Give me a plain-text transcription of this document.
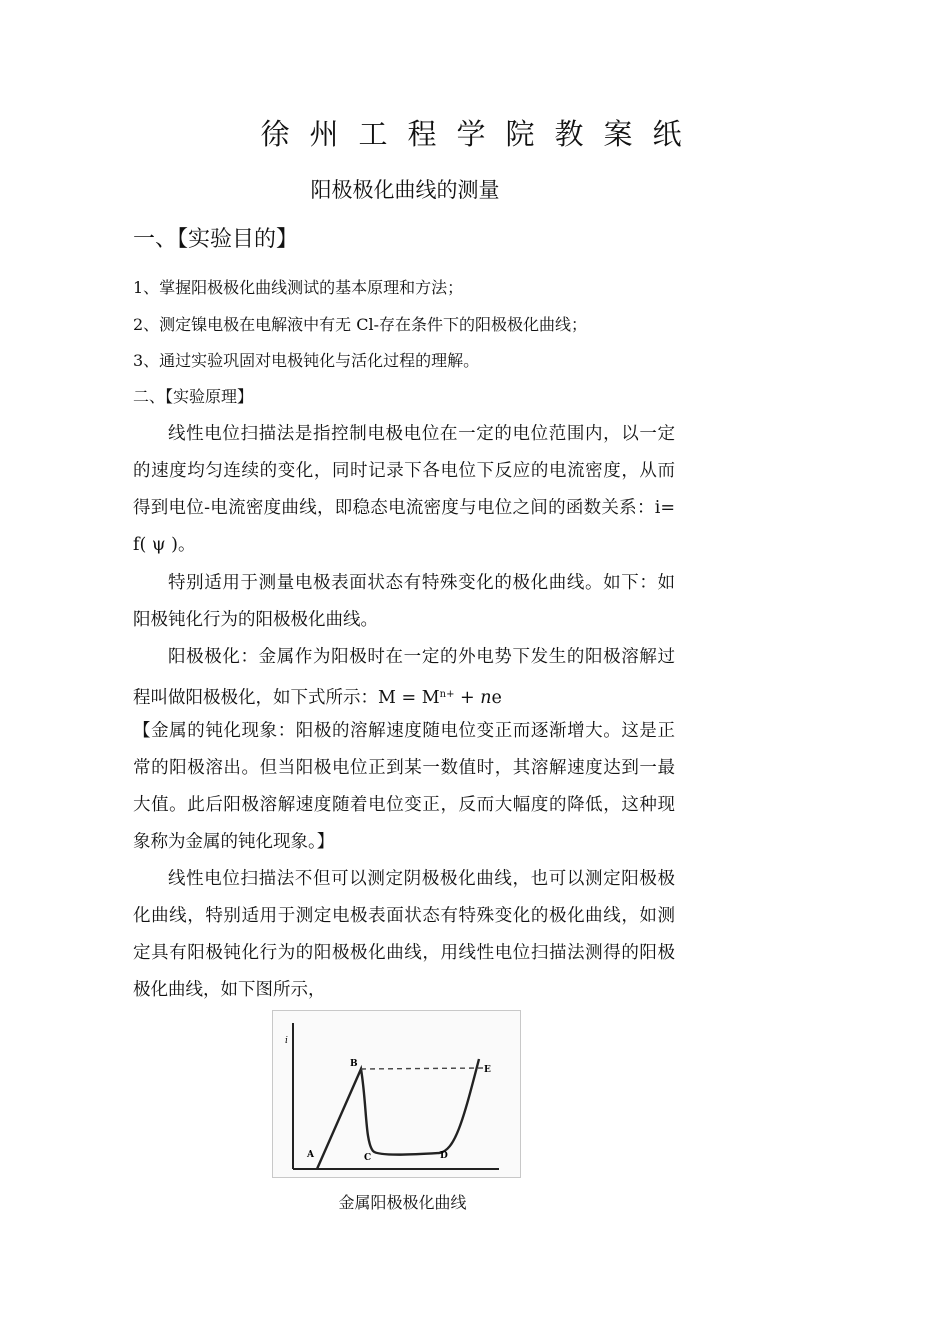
徐州工程学院教案纸
阳极极化曲线的测量
一、【实验目的】
1、掌握阳极极化曲线测试的基本原理和方法；
2、测定镍电极在电解液中有无 Cl-存在条件下的阳极极化曲线；
3、通过实验巩固对电极钝化与活化过程的理解。
二、【实验原理】

线性电位扫描法是指控制电极电位在一定的电位范围内，以一定的速度均匀连续的变化，同时记录下各电位下反应的电流密度，从而得到电位-电流密度曲线，即稳态电流密度与电位之间的函数关系：i= f( ψ )。

特别适用于测量电极表面状态有特殊变化的极化曲线。如下：如阳极钝化行为的阳极极化曲线。

阳极极化：金属作为阳极时在一定的外电势下发生的阳极溶解过程叫做阳极极化，如下式所示：$M = M^{n+}$ + ne

【金属的钝化现象：阳极的溶解速度随电位变正而逐渐增大。这是正常的阳极溶出。但当阳极电位正到某一数值时，其溶解速度达到一最大值。此后阳极溶解速度随着电位变正，反而大幅度的降低，这种现象称为金属的钝化现象。】

线性电位扫描法不但可以测定阴极极化曲线，也可以测定阳极极化曲线，特别适用于测定电极表面状态有特殊变化的极化曲线，如测定具有阳极钝化行为的阳极极化曲线，用线性电位扫描法测得的阳极极化曲线，如下图所示，

i
A
B
C	D
E
金属阳极极化曲线
